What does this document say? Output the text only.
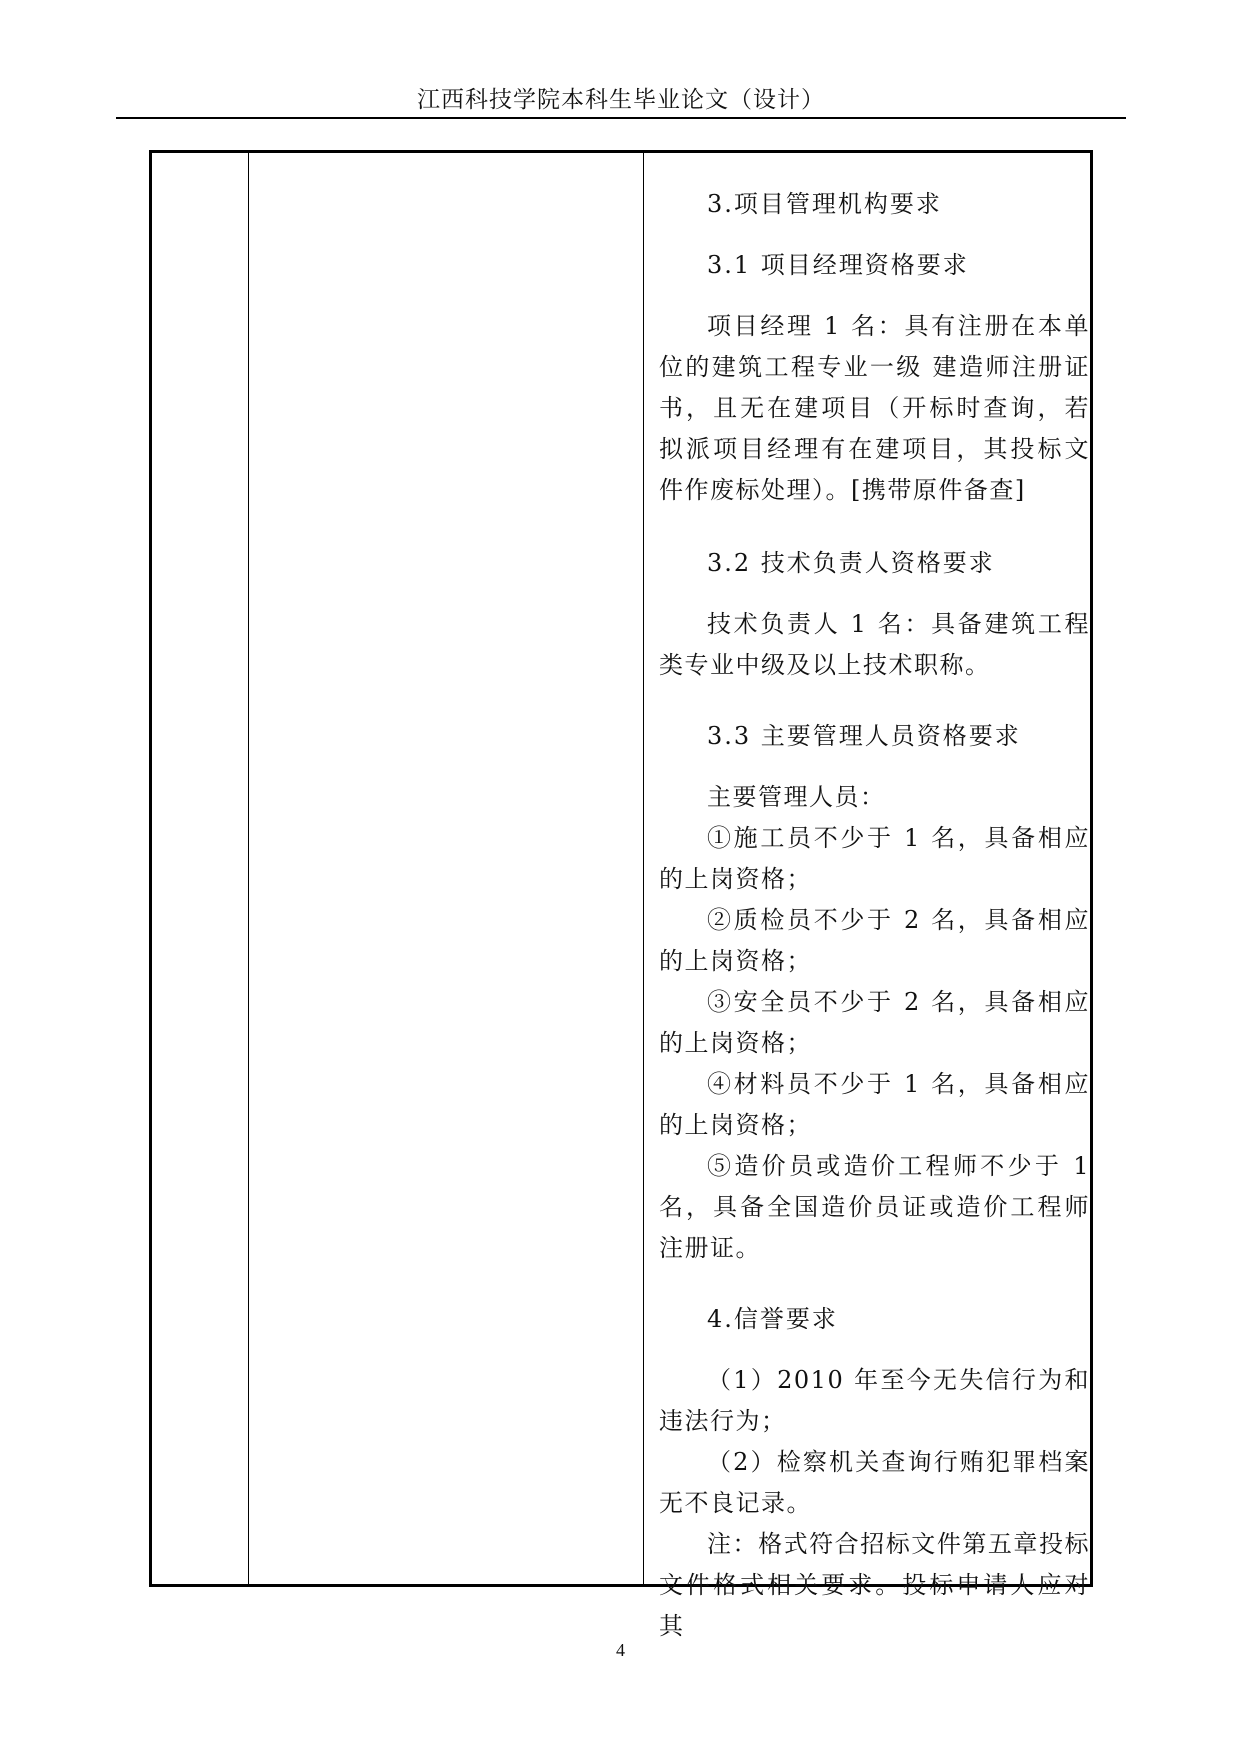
江西科技学院本科生毕业论文（设计）

3.项目管理机构要求

3.1 项目经理资格要求

项目经理 1 名：具有注册在本单位的建筑工程专业一级 建造师注册证书，且无在建项目（开标时查询，若拟派项目经理有在建项目，其投标文件作废标处理）。[携带原件备查]

3.2 技术负责人资格要求

技术负责人 1 名：具备建筑工程类专业中级及以上技术职称。

3.3 主要管理人员资格要求

主要管理人员：

①施工员不少于 1 名，具备相应的上岗资格；

②质检员不少于 2 名，具备相应的上岗资格；

③安全员不少于 2 名，具备相应的上岗资格；

④材料员不少于 1 名，具备相应的上岗资格；

⑤造价员或造价工程师不少于 1 名，具备全国造价员证或造价工程师注册证。

4.信誉要求

（1）2010 年至今无失信行为和违法行为；

（2）检察机关查询行贿犯罪档案无不良记录。

注：格式符合招标文件第五章投标文件格式相关要求。投标申请人应对其

4
